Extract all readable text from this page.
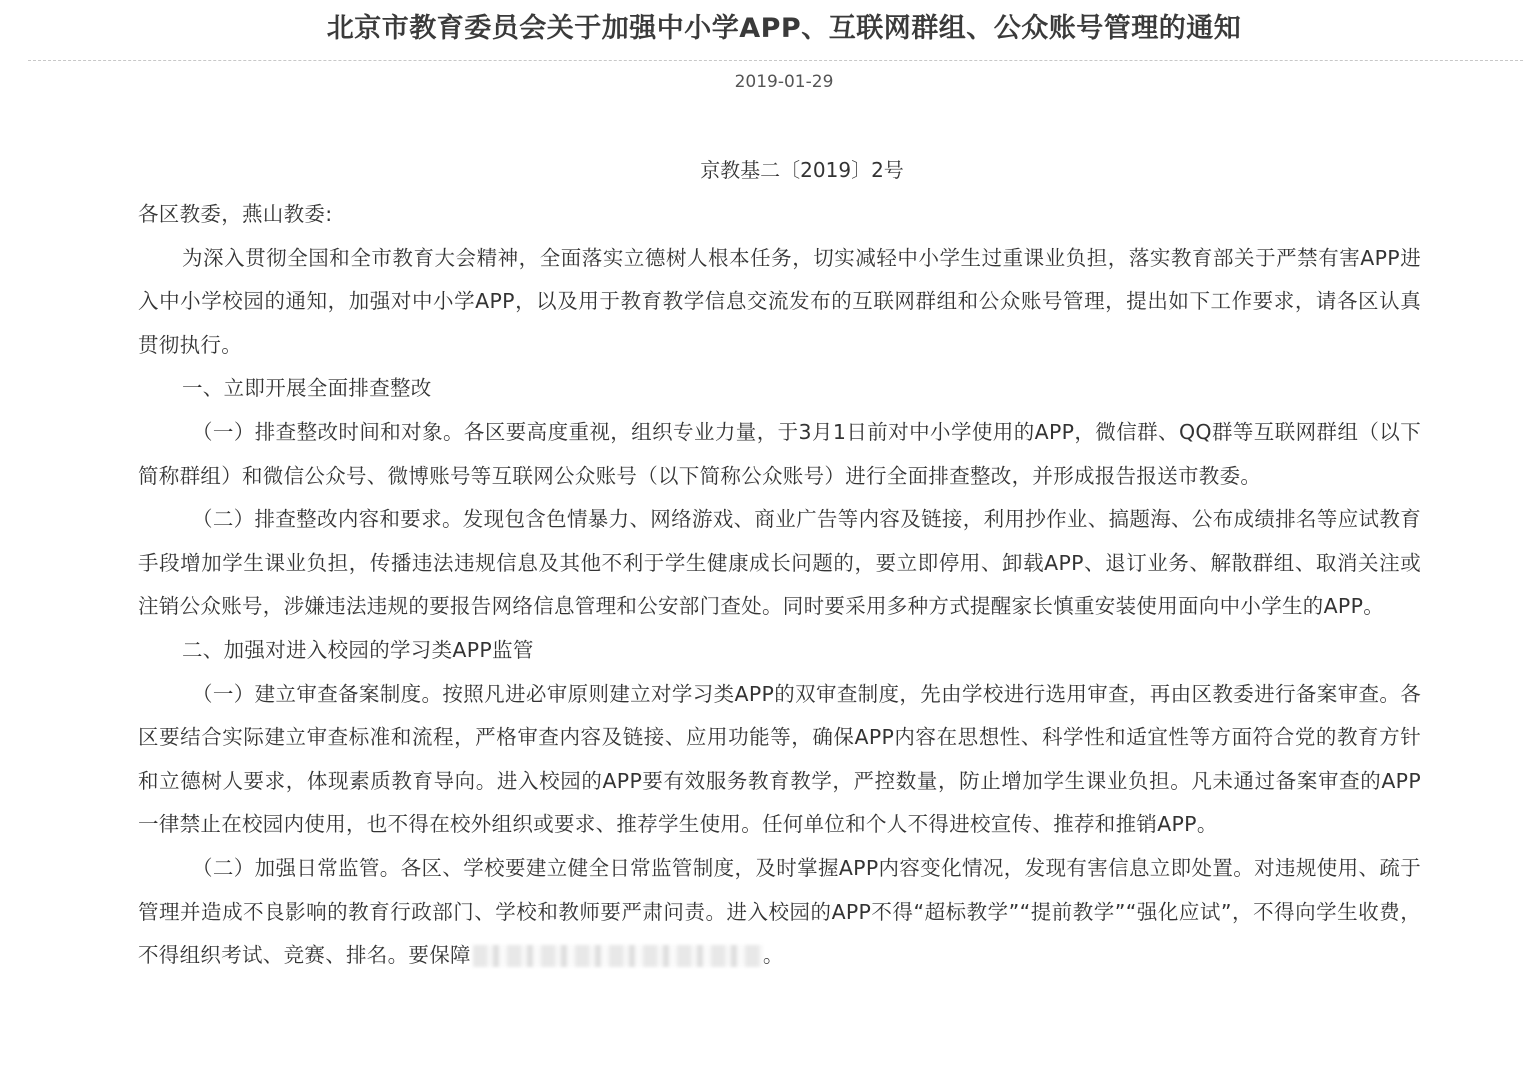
北京市教育委员会关于加强中小学APP、互联网群组、公众账号管理的通知
2019-01-29
京教基二〔2019〕2号

各区教委，燕山教委:

为深入贯彻全国和全市教育大会精神，全面落实立德树人根本任务，切实减轻中小学生过重课业负担，落实教育部关于严禁有害APP进入中小学校园的通知，加强对中小学APP，以及用于教育教学信息交流发布的互联网群组和公众账号管理，提出如下工作要求，请各区认真贯彻执行。

一、立即开展全面排查整改

（一）排查整改时间和对象。各区要高度重视，组织专业力量，于3月1日前对中小学使用的APP，微信群、QQ群等互联网群组（以下简称群组）和微信公众号、微博账号等互联网公众账号（以下简称公众账号）进行全面排查整改，并形成报告报送市教委。

（二）排查整改内容和要求。发现包含色情暴力、网络游戏、商业广告等内容及链接，利用抄作业、搞题海、公布成绩排名等应试教育手段增加学生课业负担，传播违法违规信息及其他不利于学生健康成长问题的，要立即停用、卸载APP、退订业务、解散群组、取消关注或注销公众账号，涉嫌违法违规的要报告网络信息管理和公安部门查处。同时要采用多种方式提醒家长慎重安装使用面向中小学生的APP。

二、加强对进入校园的学习类APP监管

（一）建立审查备案制度。按照凡进必审原则建立对学习类APP的双审查制度，先由学校进行选用审查，再由区教委进行备案审查。各区要结合实际建立审查标准和流程，严格审查内容及链接、应用功能等，确保APP内容在思想性、科学性和适宜性等方面符合党的教育方针和立德树人要求，体现素质教育导向。进入校园的APP要有效服务教育教学，严控数量，防止增加学生课业负担。凡未通过备案审查的APP一律禁止在校园内使用，也不得在校外组织或要求、推荐学生使用。任何单位和个人不得进校宣传、推荐和推销APP。

（二）加强日常监管。各区、学校要建立健全日常监管制度，及时掌握APP内容变化情况，发现有害信息立即处置。对违规使用、疏于管理并造成不良影响的教育行政部门、学校和教师要严肃问责。进入校园的APP不得“超标教学”“提前教学”“强化应试”，不得向学生收费，不得组织考试、竞赛、排名。要保障	。
